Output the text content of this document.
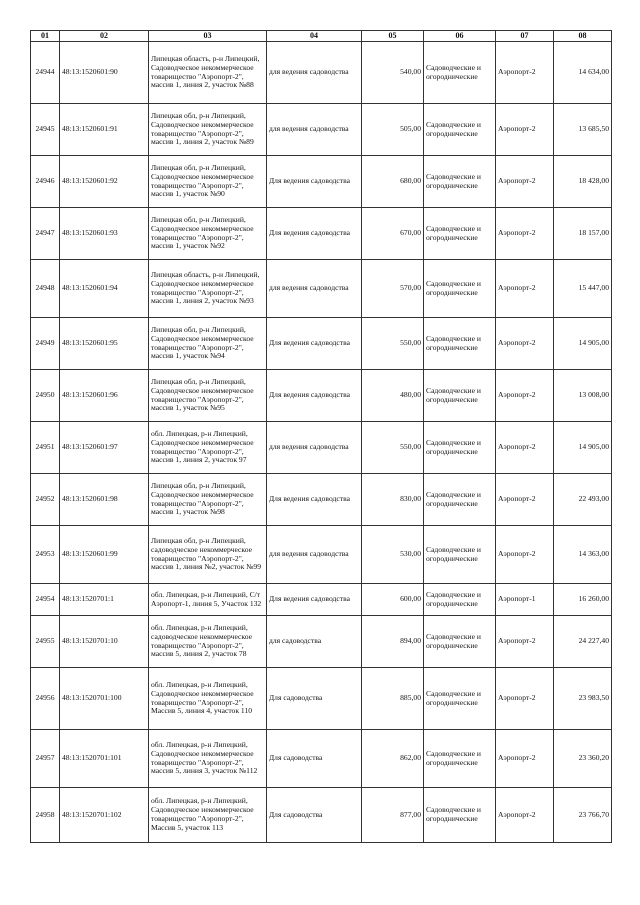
01	02	03	04	05	06	07	08

24944	48:13:1520601:90	Липецкая область, р-н Липецкий, Садоводческое некоммерческое товарищество "Аэропорт-2", массив 1, линия 2, участок №88	для ведения садоводства	540,00	Садоводческие и огороднические	Аэропорт-2	14 634,00

24945	48:13:1520601:91	Липецкая обл, р-н Липецкий, Садоводческое некоммерческое товарищество "Аэропорт-2", массив 1, линия 2, участок №89	для ведения садоводства	505,00	Садоводческие и огороднические	Аэропорт-2	13 685,50

24946	48:13:1520601:92	Липецкая обл, р-н Липецкий, Садоводческое некоммерческое товарищество "Аэропорт-2", массив 1, участок №90	Для ведения садоводства	680,00	Садоводческие и огороднические	Аэропорт-2	18 428,00

24947	48:13:1520601:93	Липецкая обл, р-н Липецкий, Садоводческое некоммерческое товарищество "Аэропорт-2", массив 1, участок №92	Для ведения садоводства	670,00	Садоводческие и огороднические	Аэропорт-2	18 157,00

24948	48:13:1520601:94	Липецкая область, р-н Липецкий, Садоводческое некоммерческое товарищество "Аэропорт-2", массив 1, линия 2, участок №93	для ведения садоводства	570,00	Садоводческие и огороднические	Аэропорт-2	15 447,00

24949	48:13:1520601:95	Липецкая обл, р-н Липецкий, Садоводческое некоммерческое товарищество "Аэропорт-2", массив 1, участок №94	Для ведения садоводства	550,00	Садоводческие и огороднические	Аэропорт-2	14 905,00

24950	48:13:1520601:96	Липецкая обл, р-н Липецкий, Садоводческое некоммерческое товарищество "Аэропорт-2", массив 1, участок №95	Для ведения садоводства	480,00	Садоводческие и огороднические	Аэропорт-2	13 008,00

24951	48:13:1520601:97	обл. Липецкая, р-н Липецкий, Садоводческое некоммерческое товарищество "Аэропорт-2", массив 1, линия 2, участок 97	для ведения садоводства	550,00	Садоводческие и огороднические	Аэропорт-2	14 905,00

24952	48:13:1520601:98	Липецкая обл, р-н Липецкий, Садоводческое некоммерческое товарищество "Аэропорт-2", массив 1, участок №98	Для ведения садоводства	830,00	Садоводческие и огороднические	Аэропорт-2	22 493,00

24953	48:13:1520601:99	Липецкая обл, р-н Липецкий, садоводческое некоммерческое товарищество "Аэропорт-2", массив 1, линия №2, участок №99	для ведения садоводства	530,00	Садоводческие и огороднические	Аэропорт-2	14 363,00

24954	48:13:1520701:1	обл. Липецкая, р-н Липецкий, С/т Аэропорт-1, линия 5, Участок 132	Для ведения садоводства	600,00	Садоводческие и огороднические	Аэропорт-1	16 260,00

24955	48:13:1520701:10	обл. Липецкая, р-н Липецкий, садоводческое некоммерческое товарищество "Аэропорт-2", массив 5, линия 2, участок 78	для садоводства	894,00	Садоводческие и огороднические	Аэропорт-2	24 227,40

24956	48:13:1520701:100	обл. Липецкая, р-н Липецкий, Садоводческое некоммерческое товарищество "Аэропорт-2", Массив 5, линия 4, участок 110	Для садоводства	885,00	Садоводческие и огороднические	Аэропорт-2	23 983,50

24957	48:13:1520701:101	обл. Липецкая, р-н Липецкий, Садоводческое некоммерческое товарищество "Аэропорт-2", массив 5, линия 3, участок №112	Для садоводства	862,00	Садоводческие и огороднические	Аэропорт-2	23 360,20

24958	48:13:1520701:102	обл. Липецкая, р-н Липецкий, Садоводческое некоммерческое товарищество "Аэропорт-2", Массив 5, участок 113	Для садоводства	877,00	Садоводческие и огороднические	Аэропорт-2	23 766,70
